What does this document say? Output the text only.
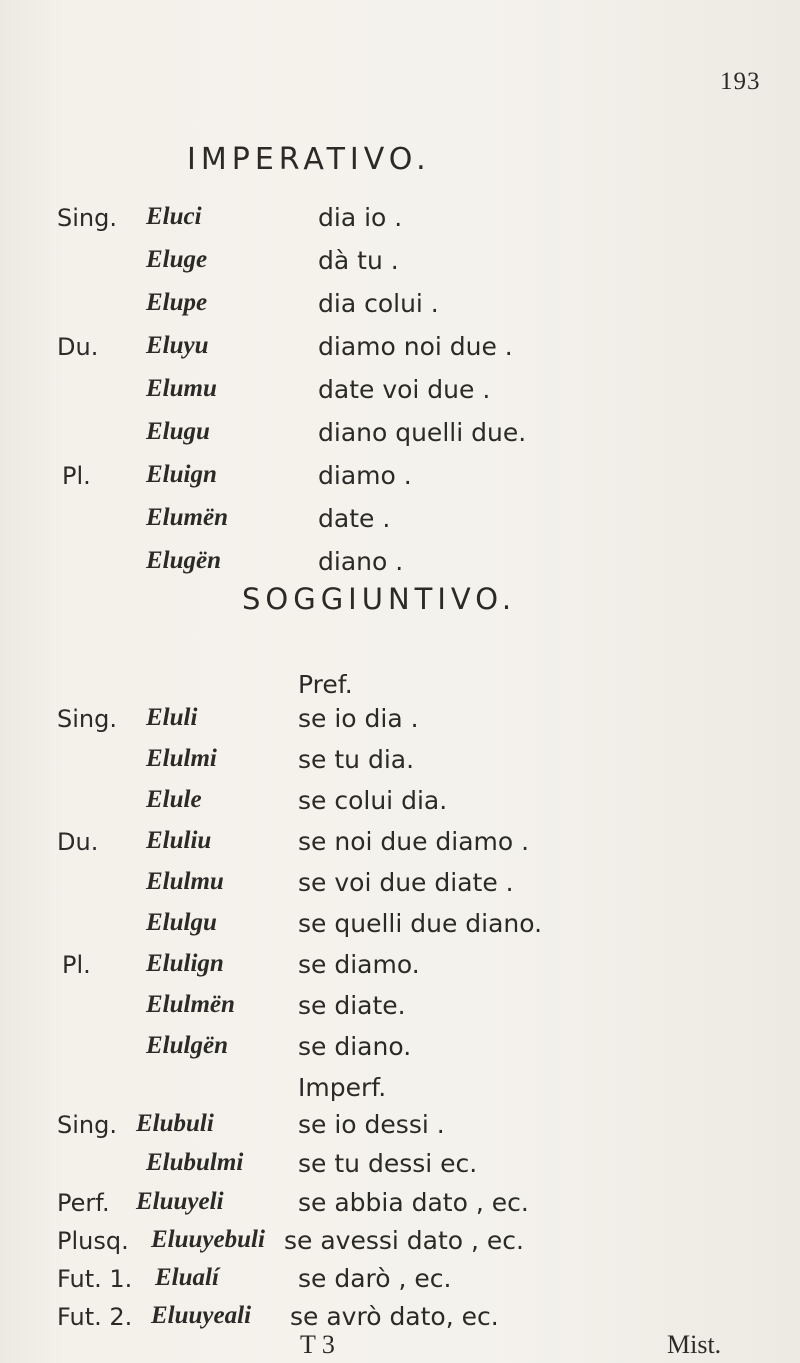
193
IMPERATIVO.
Sing. Eluci	dia io .
Eluge	dà tu .
Elupe	dia colui .
Du. Eluyu	diamo noi due .
Elumu	date voi due .
Elugu	diano quelli due.
Pl. Eluign	diamo .
Elumën	date .
Elugën	diano .
SOGGIUNTIVO.
Pref.
Sing. Eluli	se io dia .
Elulmi	se tu dia.
Elule	se colui dia.
Du. Eluliu	se noi due diamo .
Elulmu	se voi due diate .
Elulgu	se quelli due diano.
Pl. Elulign	se diamo.
Elulmën	se diate.
Elulgën	se diano.
Imperf.
Sing. Elubuli	se io dessi .
Elubulmi se tu dessi ec.
Perf. Eluuyeli	se abbia dato , ec.
Plusq. Eluuyebuli se avessi dato , ec.
Fut. 1. Elualí	se darò , ec.
Fut. 2. Eluuyeali se avrò dato, ec.
T 3	Mist.
